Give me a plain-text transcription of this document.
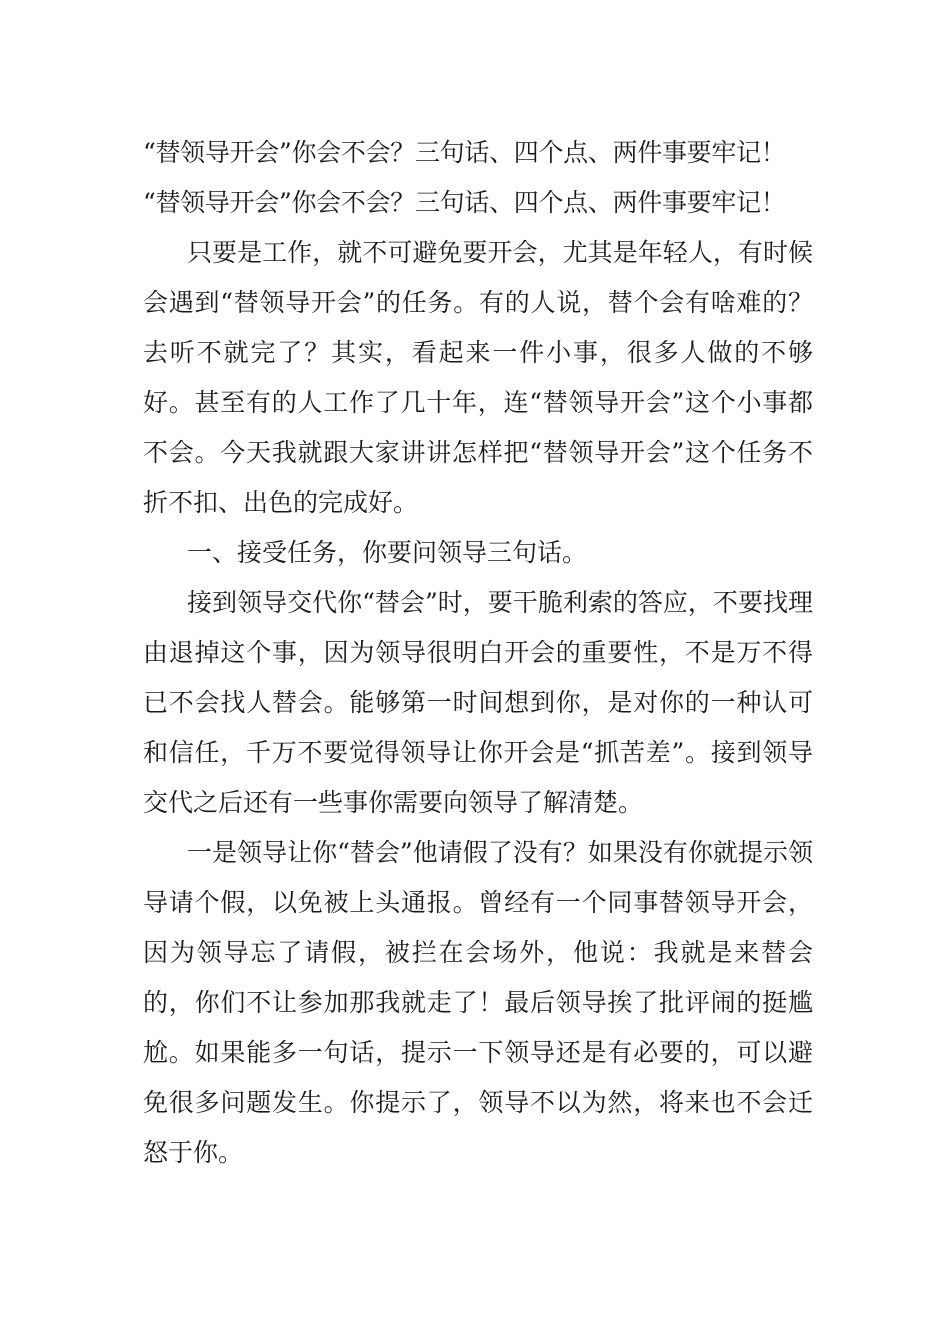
“替领导开会”你会不会？三句话、四个点、两件事要牢记！

“替领导开会”你会不会？三句话、四个点、两件事要牢记！

只要是工作，就不可避免要开会，尤其是年轻人，有时候会遇到“替领导开会”的任务。有的人说，替个会有啥难的？去听不就完了？其实，看起来一件小事，很多人做的不够好。甚至有的人工作了几十年，连“替领导开会”这个小事都不会。今天我就跟大家讲讲怎样把“替领导开会”这个任务不折不扣、出色的完成好。

一、接受任务，你要问领导三句话。

接到领导交代你“替会”时，要干脆利索的答应，不要找理由退掉这个事，因为领导很明白开会的重要性，不是万不得已不会找人替会。能够第一时间想到你，是对你的一种认可和信任，千万不要觉得领导让你开会是“抓苦差”。接到领导交代之后还有一些事你需要向领导了解清楚。

一是领导让你“替会”他请假了没有？如果没有你就提示领导请个假，以免被上头通报。曾经有一个同事替领导开会，因为领导忘了请假，被拦在会场外，他说：我就是来替会的，你们不让参加那我就走了！最后领导挨了批评闹的挺尴尬。如果能多一句话，提示一下领导还是有必要的，可以避免很多问题发生。你提示了，领导不以为然，将来也不会迁怒于你。
